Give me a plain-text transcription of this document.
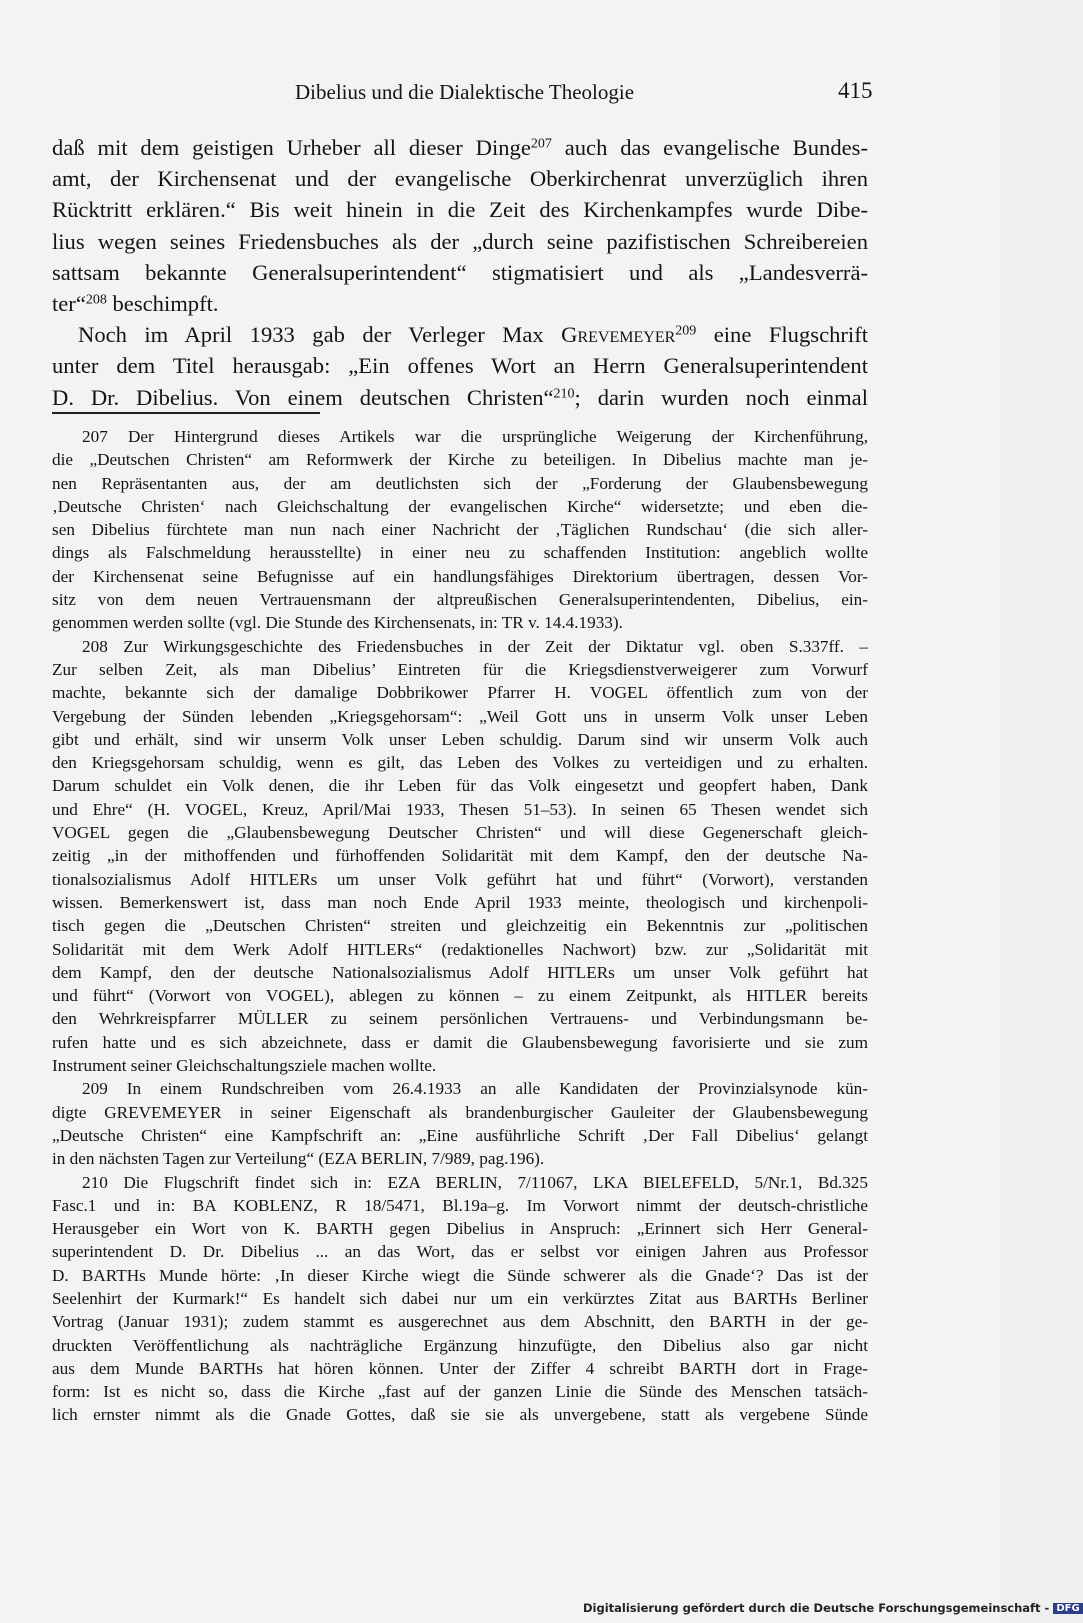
Dibelius und die Dialektische Theologie	415
daß mit dem geistigen Urheber all dieser Dinge$^{207}$ auch das evangelische Bundes-
amt, der Kirchensenat und der evangelische Oberkirchenrat unverzüglich ihren
Rücktritt erklären.“ Bis weit hinein in die Zeit des Kirchenkampfes wurde Dibe-
lius wegen seines Friedensbuches als der „durch seine pazifistischen Schreibereien
sattsam bekannte Generalsuperintendent“ stigmatisiert und als „Landesverrä-
ter“$^{208}$ beschimpft.
Noch im April 1933 gab der Verleger Max Grevemeyer$^{209}$ eine Flugschrift
unter dem Titel herausgab: „Ein offenes Wort an Herrn Generalsuperintendent
D. Dr. Dibelius. Von einem deutschen Christen“$^{210}$; darin wurden noch einmal
207 Der Hintergrund dieses Artikels war die ursprüngliche Weigerung der Kirchenführung,
die „Deutschen Christen“ am Reformwerk der Kirche zu beteiligen. In Dibelius machte man je-
nen Repräsentanten aus, der am deutlichsten sich der „Forderung der Glaubensbewegung
‚Deutsche Christen‘ nach Gleichschaltung der evangelischen Kirche“ widersetzte; und eben die-
sen Dibelius fürchtete man nun nach einer Nachricht der ‚Täglichen Rundschau‘ (die sich aller-
dings als Falschmeldung herausstellte) in einer neu zu schaffenden Institution: angeblich wollte
der Kirchensenat seine Befugnisse auf ein handlungsfähiges Direktorium übertragen, dessen Vor-
sitz von dem neuen Vertrauensmann der altpreußischen Generalsuperintendenten, Dibelius, ein-
genommen werden sollte (vgl. Die Stunde des Kirchensenats, in: TR v. 14.4.1933).
208 Zur Wirkungsgeschichte des Friedensbuches in der Zeit der Diktatur vgl. oben S.337ff. –
Zur selben Zeit, als man Dibelius’ Eintreten für die Kriegsdienstverweigerer zum Vorwurf
machte, bekannte sich der damalige Dobbrikower Pfarrer H. VOGEL öffentlich zum von der
Vergebung der Sünden lebenden „Kriegsgehorsam“: „Weil Gott uns in unserm Volk unser Leben
gibt und erhält, sind wir unserm Volk unser Leben schuldig. Darum sind wir unserm Volk auch
den Kriegsgehorsam schuldig, wenn es gilt, das Leben des Volkes zu verteidigen und zu erhalten.
Darum schuldet ein Volk denen, die ihr Leben für das Volk eingesetzt und geopfert haben, Dank
und Ehre“ (H. VOGEL, Kreuz, April/Mai 1933, Thesen 51–53). In seinen 65 Thesen wendet sich
VOGEL gegen die „Glaubensbewegung Deutscher Christen“ und will diese Gegenerschaft gleich-
zeitig „in der mithoffenden und fürhoffenden Solidarität mit dem Kampf, den der deutsche Na-
tionalsozialismus Adolf HITLERs um unser Volk geführt hat und führt“ (Vorwort), verstanden
wissen. Bemerkenswert ist, dass man noch Ende April 1933 meinte, theologisch und kirchenpoli-
tisch gegen die „Deutschen Christen“ streiten und gleichzeitig ein Bekenntnis zur „politischen
Solidarität mit dem Werk Adolf HITLERs“ (redaktionelles Nachwort) bzw. zur „Solidarität mit
dem Kampf, den der deutsche Nationalsozialismus Adolf HITLERs um unser Volk geführt hat
und führt“ (Vorwort von VOGEL), ablegen zu können – zu einem Zeitpunkt, als HITLER bereits
den Wehrkreispfarrer MÜLLER zu seinem persönlichen Vertrauens- und Verbindungsmann be-
rufen hatte und es sich abzeichnete, dass er damit die Glaubensbewegung favorisierte und sie zum
Instrument seiner Gleichschaltungsziele machen wollte.
209 In einem Rundschreiben vom 26.4.1933 an alle Kandidaten der Provinzialsynode kün-
digte GREVEMEYER in seiner Eigenschaft als brandenburgischer Gauleiter der Glaubensbewegung
„Deutsche Christen“ eine Kampfschrift an: „Eine ausführliche Schrift ‚Der Fall Dibelius‘ gelangt
in den nächsten Tagen zur Verteilung“ (EZA BERLIN, 7/989, pag.196).
210 Die Flugschrift findet sich in: EZA BERLIN, 7/11067, LKA BIELEFELD, 5/Nr.1, Bd.325
Fasc.1 und in: BA KOBLENZ, R 18/5471, Bl.19a–g. Im Vorwort nimmt der deutsch-christliche
Herausgeber ein Wort von K. BARTH gegen Dibelius in Anspruch: „Erinnert sich Herr General-
superintendent D. Dr. Dibelius ... an das Wort, das er selbst vor einigen Jahren aus Professor
D. BARTHs Munde hörte: ‚In dieser Kirche wiegt die Sünde schwerer als die Gnade‘? Das ist der
Seelenhirt der Kurmark!“ Es handelt sich dabei nur um ein verkürztes Zitat aus BARTHs Berliner
Vortrag (Januar 1931); zudem stammt es ausgerechnet aus dem Abschnitt, den BARTH in der ge-
druckten Veröffentlichung als nachträgliche Ergänzung hinzufügte, den Dibelius also gar nicht
aus dem Munde BARTHs hat hören können. Unter der Ziffer 4 schreibt BARTH dort in Frage-
form: Ist es nicht so, dass die Kirche „fast auf der ganzen Linie die Sünde des Menschen tatsäch-
lich ernster nimmt als die Gnade Gottes, daß sie sie als unvergebene, statt als vergebene Sünde
Digitalisierung gefördert durch die Deutsche Forschungsgemeinschaft - DFG
